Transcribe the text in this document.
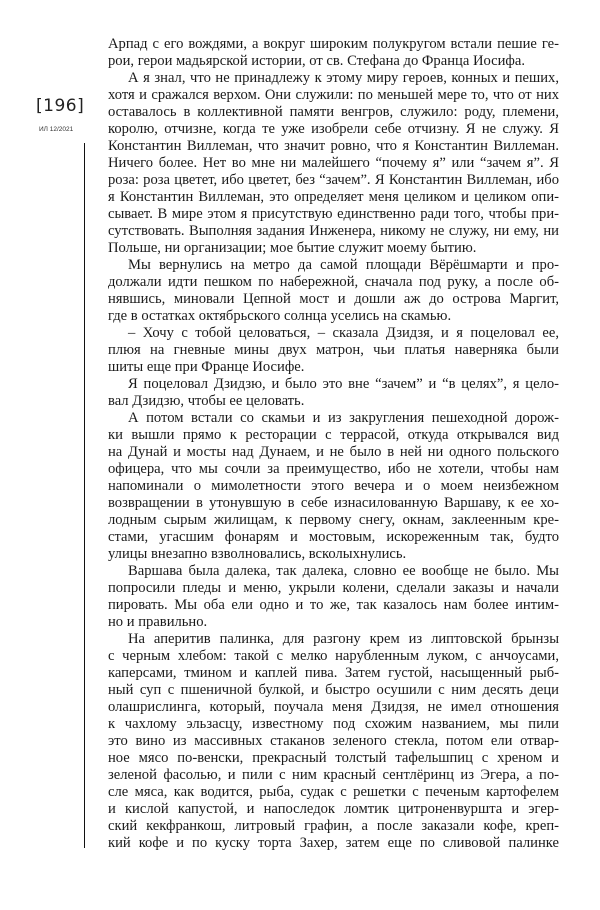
[196]
ИЛ 12/2021
Арпад с его вождями, а вокруг широким полукругом встали пешие ге-
рои, герои мадьярской истории, от св. Стефана до Франца Иосифа.
А я знал, что не принадлежу к этому миру героев, конных и пеших,
хотя и сражался верхом. Они служили: по меньшей мере то, что от них
оставалось в коллективной памяти венгров, служило: роду, племени,
королю, отчизне, когда те уже изобрели себе отчизну. Я не служу. Я
Константин Виллеман, что значит ровно, что я Константин Виллеман.
Ничего более. Нет во мне ни малейшего “почему я” или “зачем я”. Я
роза: роза цветет, ибо цветет, без “зачем”. Я Константин Виллеман, ибо
я Константин Виллеман, это определяет меня целиком и целиком опи-
сывает. В мире этом я присутствую единственно ради того, чтобы при-
сутствовать. Выполняя задания Инженера, никому не служу, ни ему, ни
Польше, ни организации; мое бытие служит моему бытию.
Мы вернулись на метро да самой площади Вёрёшмарти и про-
должали идти пешком по набережной, сначала под руку, а после об-
нявшись, миновали Цепной мост и дошли аж до острова Маргит,
где в остатках октябрьского солнца уселись на скамью.
– Хочу с тобой целоваться, – сказала Дзидзя, и я поцеловал ее,
плюя на гневные мины двух матрон, чьи платья наверняка были
шиты еще при Франце Иосифе.
Я поцеловал Дзидзю, и было это вне “зачем” и “в целях”, я цело-
вал Дзидзю, чтобы ее целовать.
А потом встали со скамьи и из закругления пешеходной дорож-
ки вышли прямо к ресторации с террасой, откуда открывался вид
на Дунай и мосты над Дунаем, и не было в ней ни одного польского
офицера, что мы сочли за преимущество, ибо не хотели, чтобы нам
напоминали о мимолетности этого вечера и о моем неизбежном
возвращении в утонувшую в себе изнасилованную Варшаву, к ее хо-
лодным сырым жилищам, к первому снегу, окнам, заклеенным кре-
стами, угасшим фонарям и мостовым, искореженным так, будто
улицы внезапно взволновались, всколыхнулись.
Варшава была далека, так далека, словно ее вообще не было. Мы
попросили пледы и меню, укрыли колени, сделали заказы и начали
пировать. Мы оба ели одно и то же, так казалось нам более интим-
но и правильно.
На аперитив палинка, для разгону крем из липтовской брынзы
с черным хлебом: такой с мелко нарубленным луком, с анчоусами,
каперсами, тмином и каплей пива. Затем густой, насыщенный рыб-
ный суп с пшеничной булкой, и быстро осушили с ним десять деци
олашрислинга, который, поучала меня Дзидзя, не имел отношения
к чахлому эльзасцу, известному под схожим названием, мы пили
это вино из массивных стаканов зеленого стекла, потом ели отвар-
ное мясо по-венски, прекрасный толстый тафельшпиц с хреном и
зеленой фасолью, и пили с ним красный сентлёринц из Эгера, а по-
сле мяса, как водится, рыба, судак с решетки с печеным картофелем
и кислой капустой, и напоследок ломтик цитроненвуршта и эгер-
ский кекфранкош, литровый графин, а после заказали кофе, креп-
кий кофе и по куску торта Захер, затем еще по сливовой палинке
